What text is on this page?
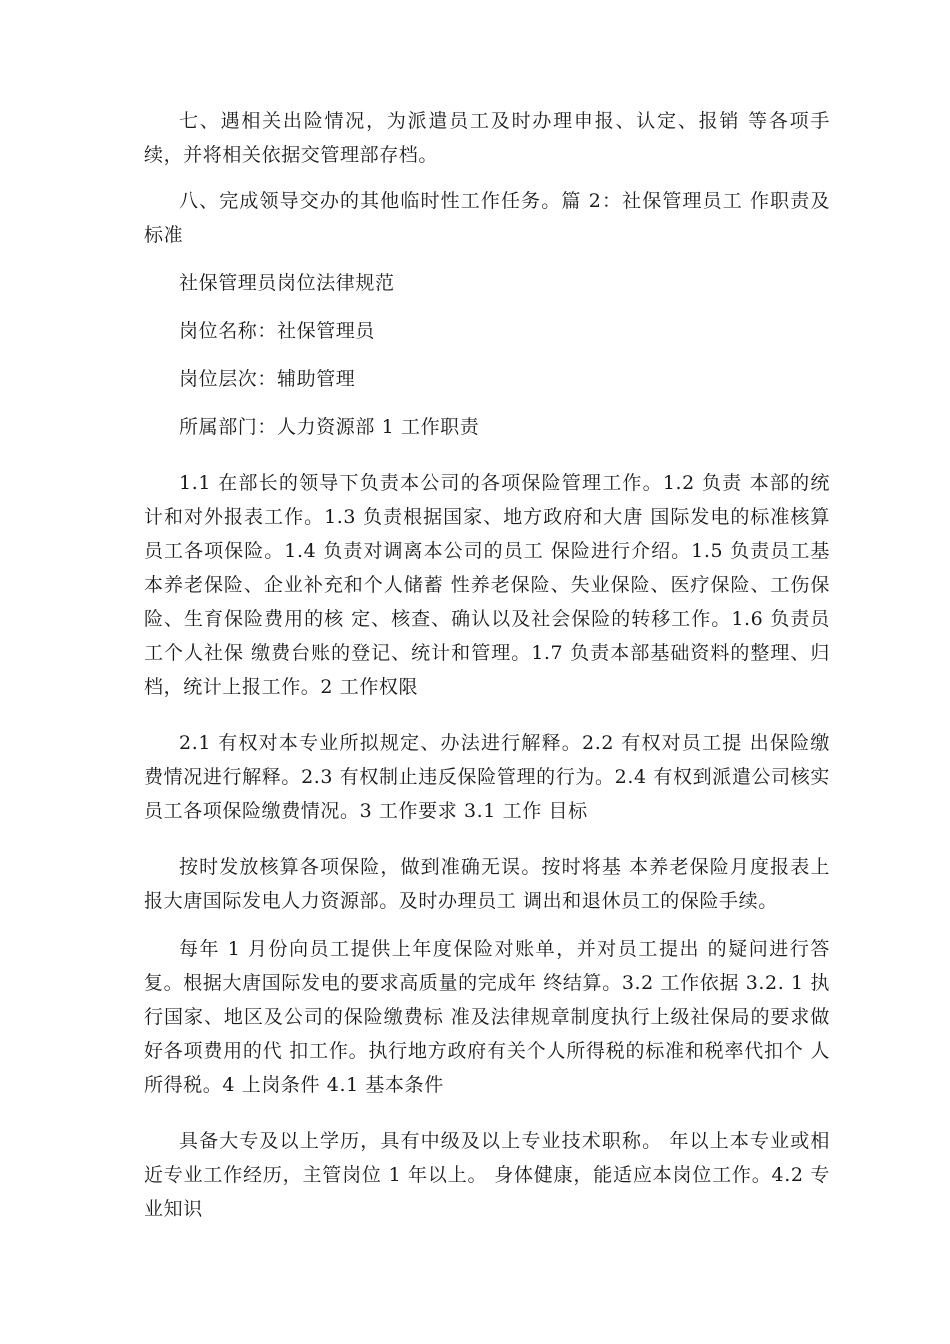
七、遇相关出险情况，为派遣员工及时办理申报、认定、报销 等各项手续，并将相关依据交管理部存档。

八、完成领导交办的其他临时性工作任务。篇 2：社保管理员工 作职责及标准

社保管理员岗位法律规范

岗位名称：社保管理员

岗位层次：辅助管理

所属部门：人力资源部 1 工作职责

1.1 在部长的领导下负责本公司的各项保险管理工作。1.2 负责 本部的统计和对外报表工作。1.3 负责根据国家、地方政府和大唐 国际发电的标准核算员工各项保险。1.4 负责对调离本公司的员工 保险进行介绍。1.5 负责员工基本养老保险、企业补充和个人储蓄 性养老保险、失业保险、医疗保险、工伤保险、生育保险费用的核 定、核查、确认以及社会保险的转移工作。1.6 负责员工个人社保 缴费台账的登记、统计和管理。1.7 负责本部基础资料的整理、归 档，统计上报工作。2 工作权限

2.1 有权对本专业所拟规定、办法进行解释。2.2 有权对员工提 出保险缴费情况进行解释。2.3 有权制止违反保险管理的行为。2.4 有权到派遣公司核实员工各项保险缴费情况。3 工作要求 3.1 工作 目标

按时发放核算各项保险，做到准确无误。按时将基 本养老保险月度报表上报大唐国际发电人力资源部。及时办理员工 调出和退休员工的保险手续。

每年 1 月份向员工提供上年度保险对账单，并对员工提出 的疑问进行答复。根据大唐国际发电的要求高质量的完成年 终结算。3.2 工作依据 3.2. 1 执行国家、地区及公司的保险缴费标 准及法律规章制度执行上级社保局的要求做好各项费用的代 扣工作。执行地方政府有关个人所得税的标准和税率代扣个 人所得税。4 上岗条件 4.1 基本条件

具备大专及以上学历，具有中级及以上专业技术职称。 年以上本专业或相近专业工作经历，主管岗位 1 年以上。 身体健康，能适应本岗位工作。4.2 专业知识
